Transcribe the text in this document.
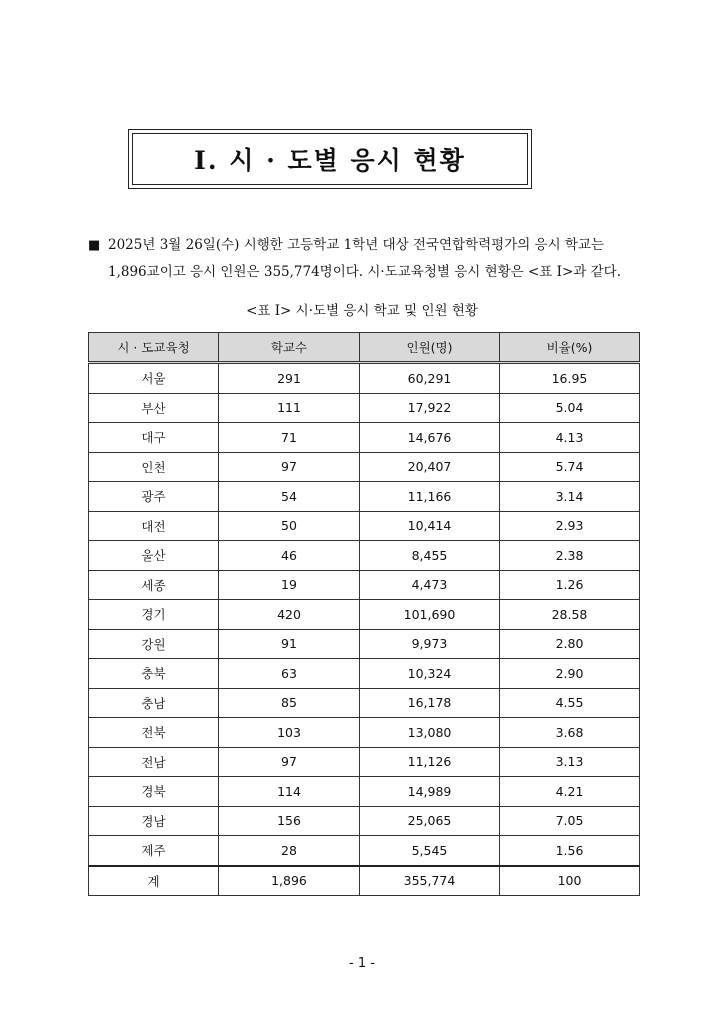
I. 시 · 도별 응시 현황
■ 2025년 3월 26일(수) 시행한 고등학교 1학년 대상 전국연합학력평가의 응시 학교는
1,896교이고 응시 인원은 355,774명이다. 시·도교육청별 응시 현황은 <표 Ⅰ>과 같다.
<표 Ⅰ> 시·도별 응시 학교 및 인원 현황
시 · 도교육청	학교수	인원(명)	비율(%)
서울	291	60,291	16.95
부산	111	17,922	5.04
대구	71	14,676	4.13
인천	97	20,407	5.74
광주	54	11,166	3.14
대전	50	10,414	2.93
울산	46	8,455	2.38
세종	19	4,473	1.26
경기	420	101,690	28.58
강원	91	9,973	2.80
충북	63	10,324	2.90
충남	85	16,178	4.55
전북	103	13,080	3.68
전남	97	11,126	3.13
경북	114	14,989	4.21
경남	156	25,065	7.05
제주	28	5,545	1.56
계	1,896	355,774	100
- 1 -
